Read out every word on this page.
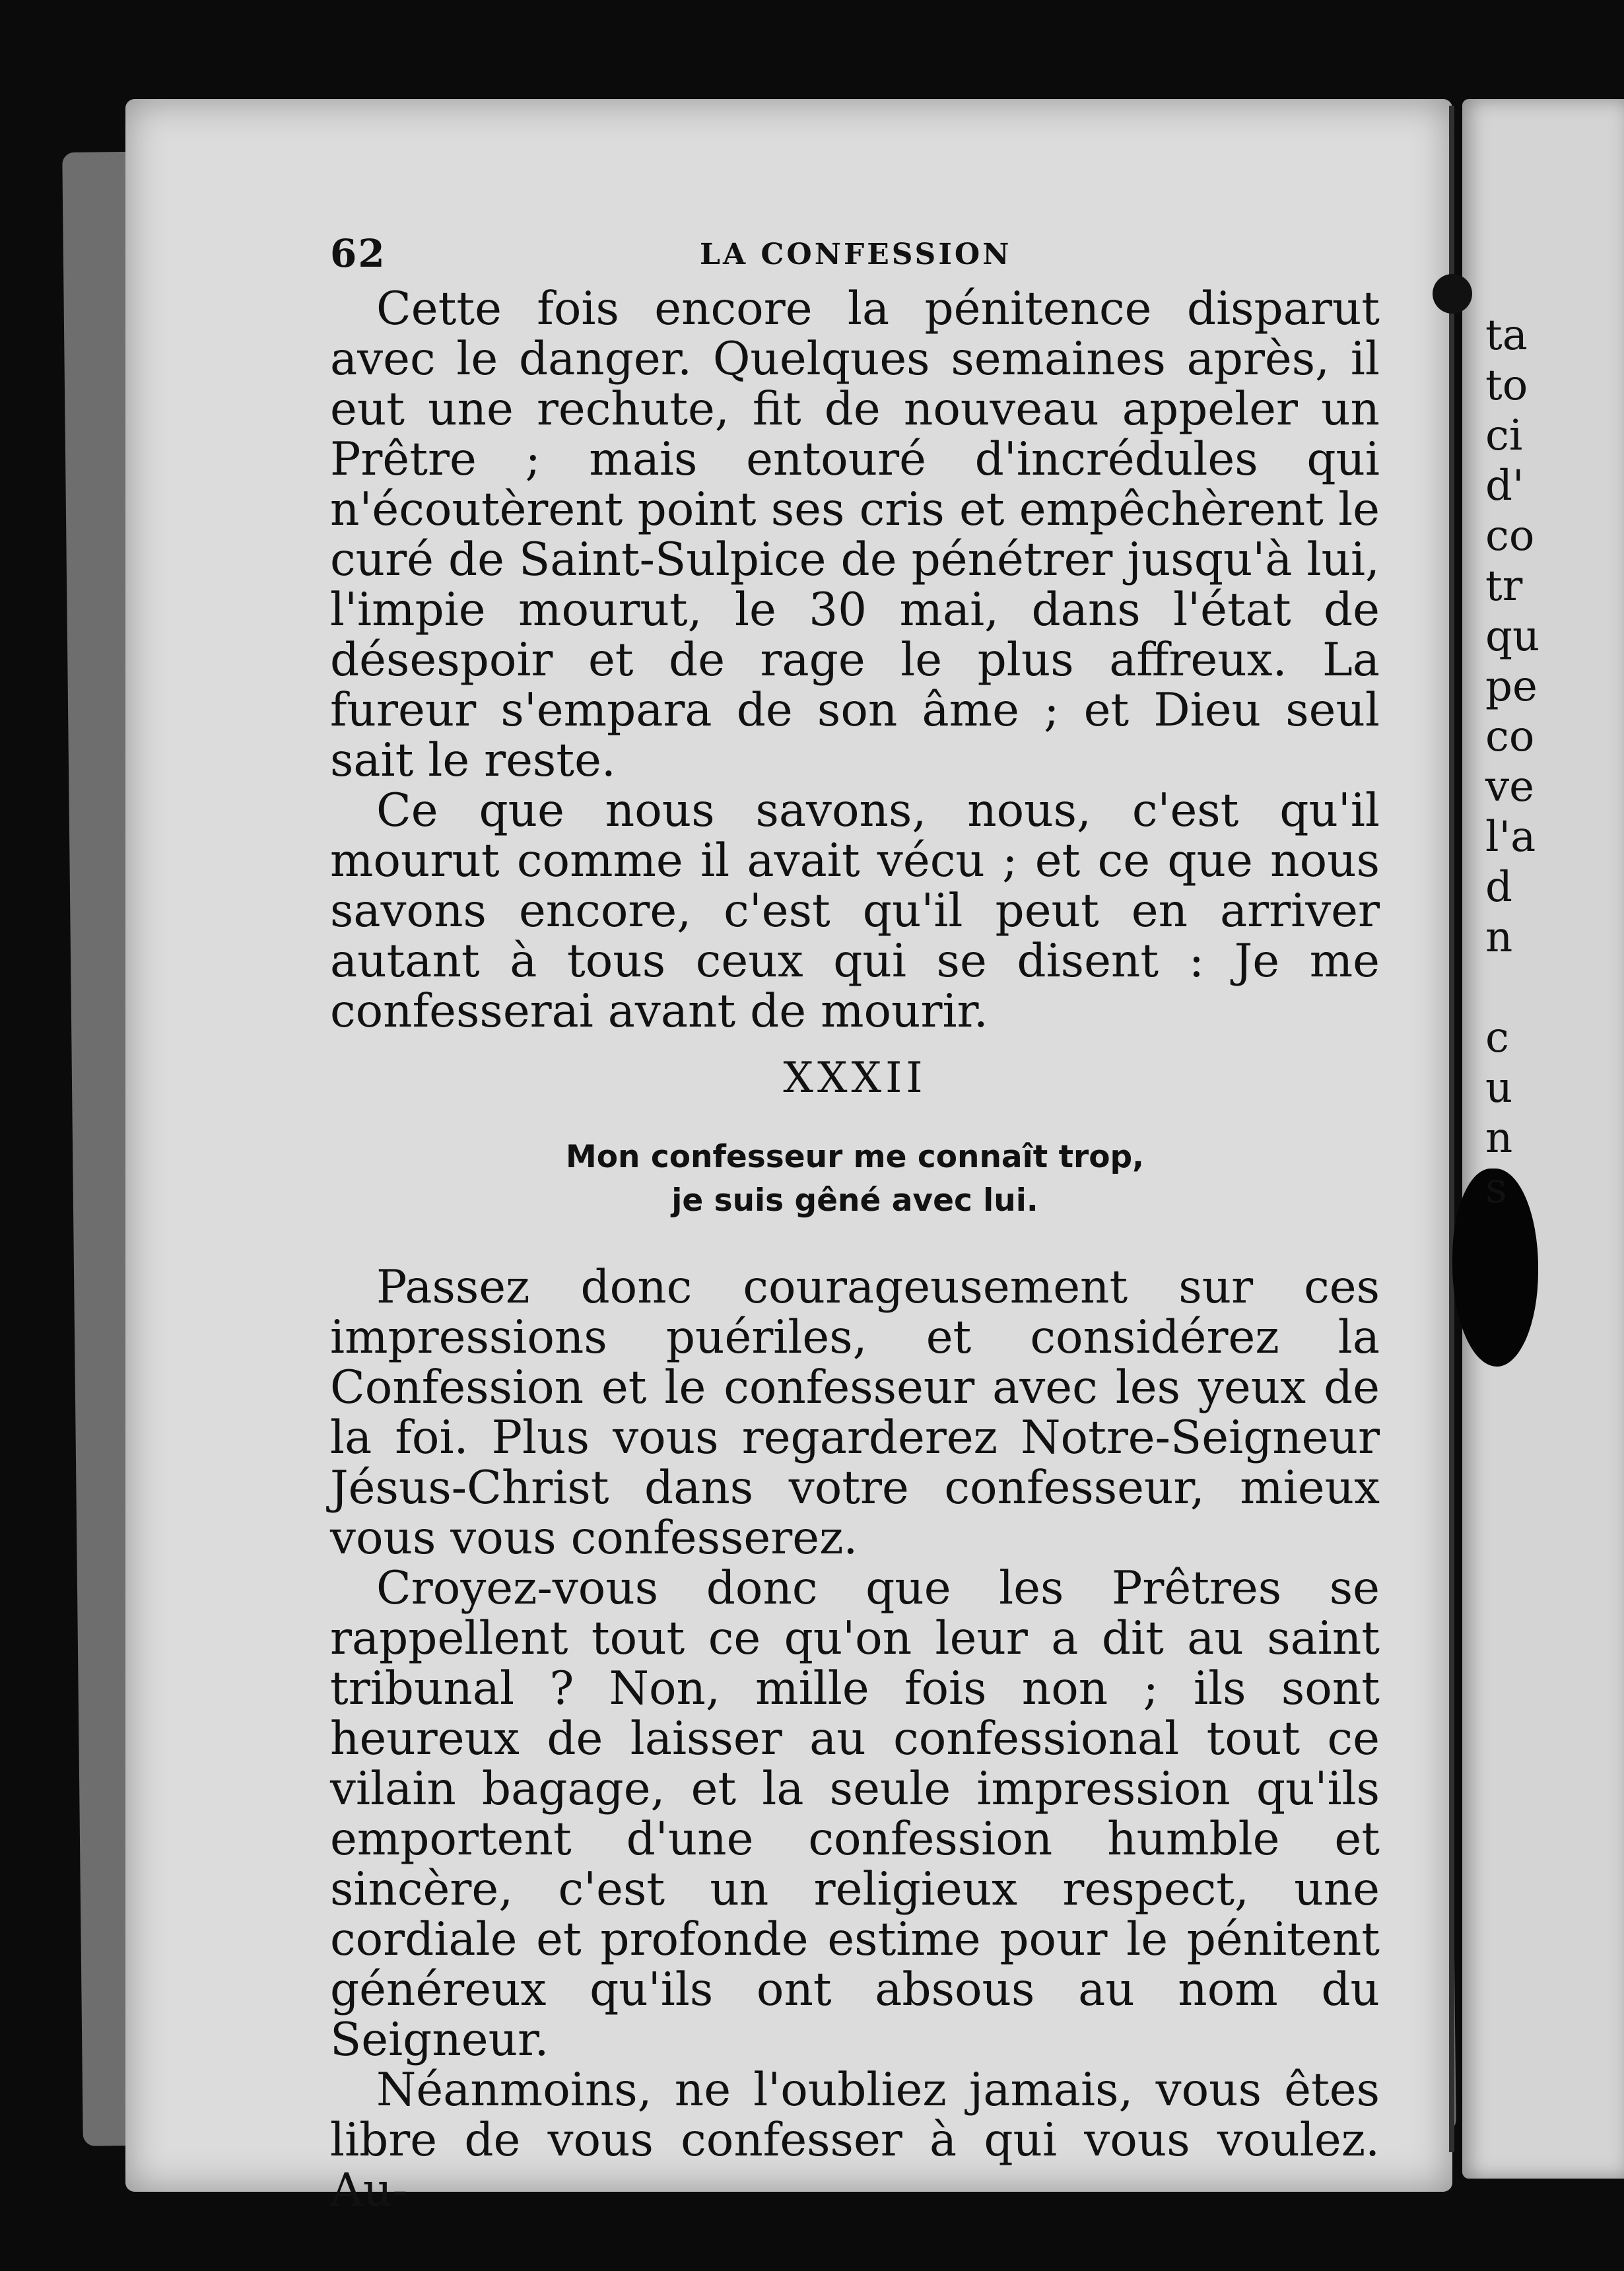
ta
to
ci
d'
co
tr
qu
pe
co
ve
l'a
d
n
c
u
n
s
62	LA CONFESSION

Cette fois encore la pénitence disparut avec le danger. Quelques semaines après, il eut une rechute, fit de nouveau appeler un Prêtre ; mais entouré d'incrédules qui n'écoutèrent point ses cris et empêchèrent le curé de Saint-Sulpice de pénétrer jusqu'à lui, l'impie mourut, le 30 mai, dans l'état de désespoir et de rage le plus affreux. La fureur s'empara de son âme ; et Dieu seul sait le reste.

Ce que nous savons, nous, c'est qu'il mourut comme il avait vécu ; et ce que nous savons encore, c'est qu'il peut en arriver autant à tous ceux qui se disent : Je me confesserai avant de mourir.

XXXII
Mon confesseur me connaît trop,
je suis gêné avec lui.

Passez donc courageusement sur ces impressions puériles, et considérez la Confession et le confesseur avec les yeux de la foi. Plus vous regarderez Notre-Seigneur Jésus-Christ dans votre confesseur, mieux vous vous confesserez.

Croyez-vous donc que les Prêtres se rappellent tout ce qu'on leur a dit au saint tribunal ? Non, mille fois non ; ils sont heureux de laisser au confessional tout ce vilain bagage, et la seule impression qu'ils emportent d'une confession humble et sincère, c'est un religieux respect, une cordiale et profonde estime pour le pénitent généreux qu'ils ont absous au nom du Seigneur.

Néanmoins, ne l'oubliez jamais, vous êtes libre de vous confesser à qui vous voulez. Au-
